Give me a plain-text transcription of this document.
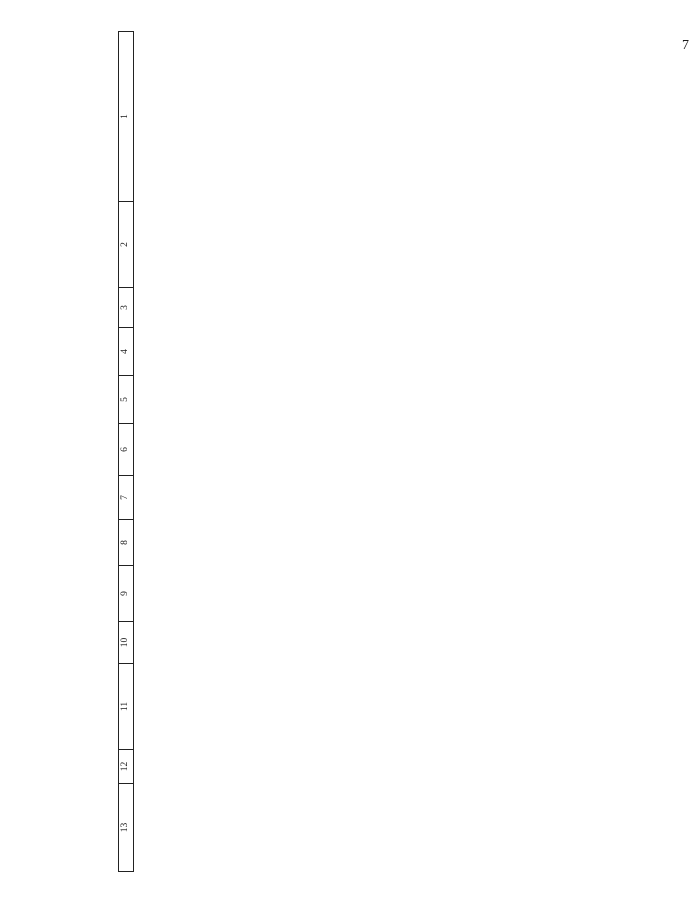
7
13	12	11	10	9	8	7	6	5	4	3	2	1
